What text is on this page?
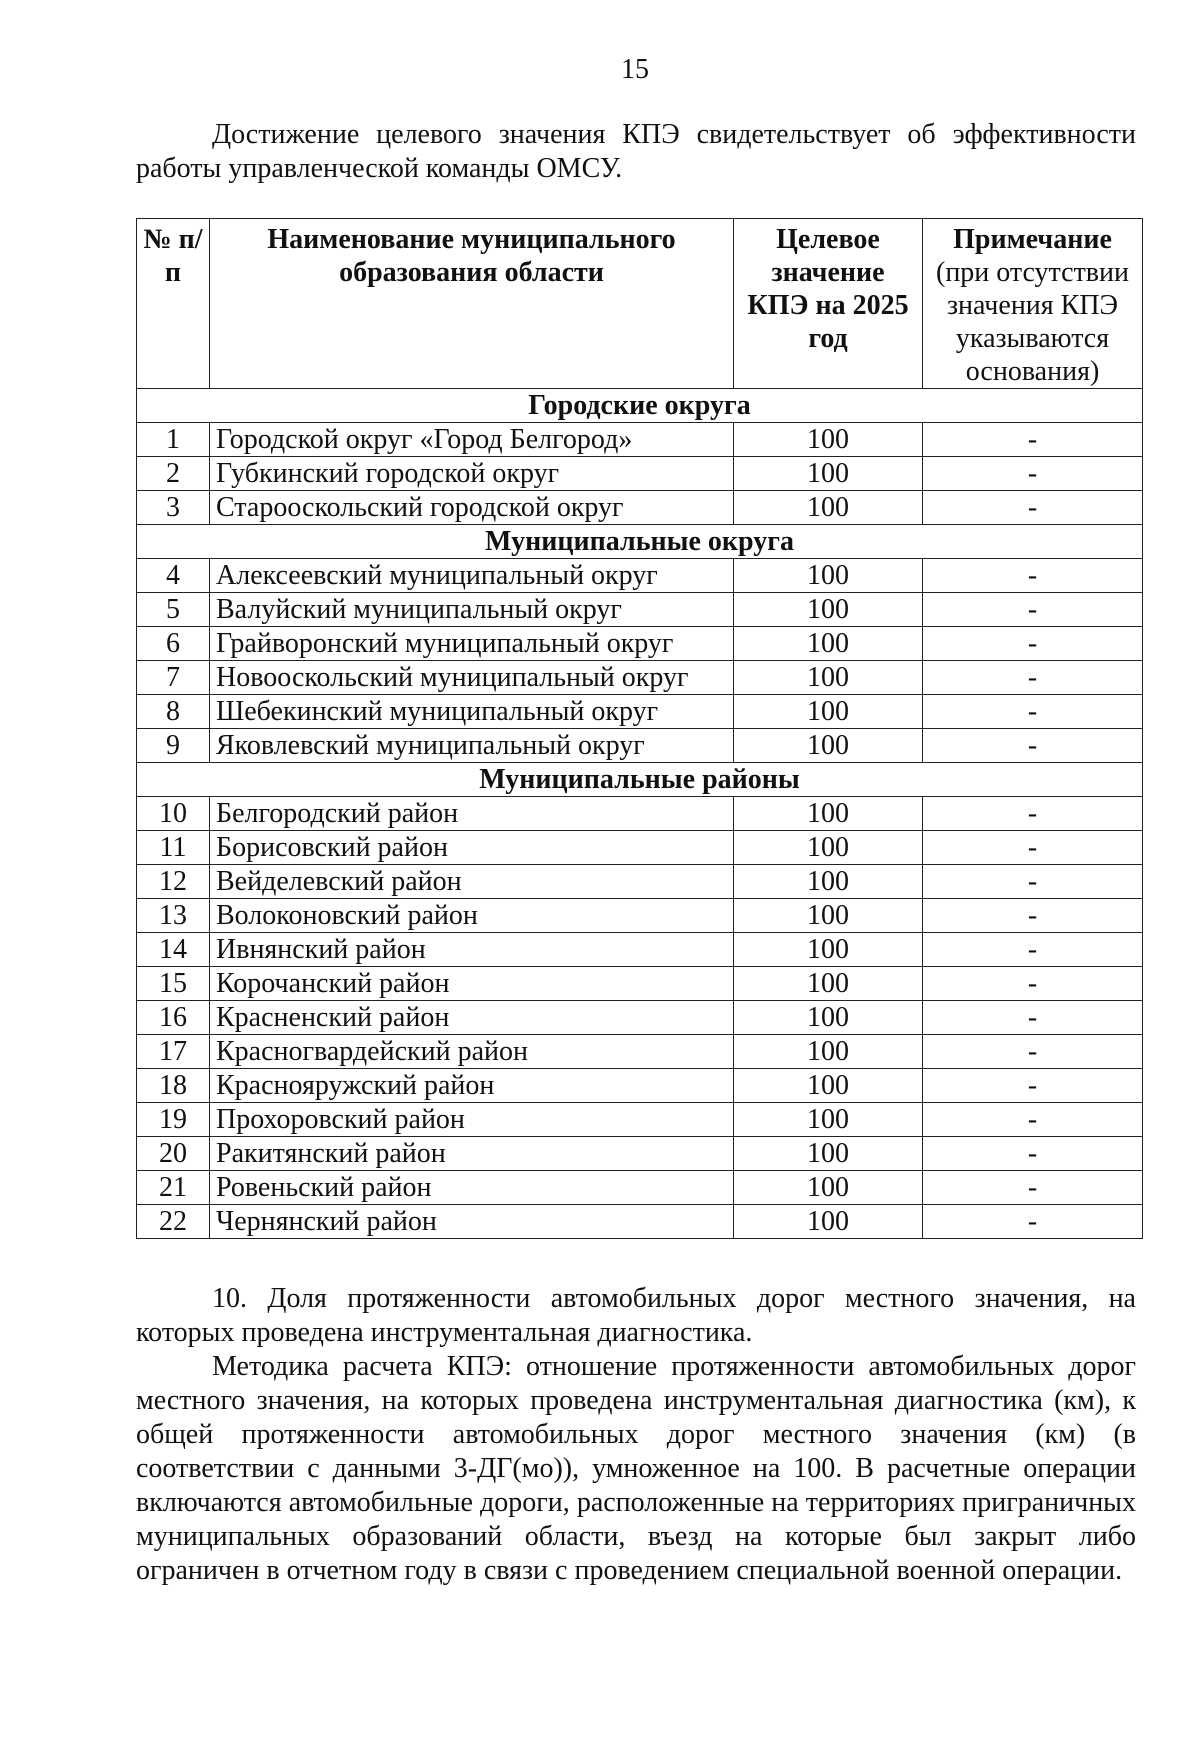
15
Достижение целевого значения КПЭ свидетельствует об эффективности работы управленческой команды ОМСУ.
№ п/п	Наименование муниципального образования области	Целевое значение КПЭ на 2025 год	Примечание
(при отсутствии значения КПЭ указываются основания)
Городские округа			
1	Городской округ «Город Белгород»	100	-
2	Губкинский городской округ	100	-
3	Старооскольский городской округ	100	-
Муниципальные округа			
4	Алексеевский муниципальный округ	100	-
5	Валуйский муниципальный округ	100	-
6	Грайворонский муниципальный округ	100	-
7	Новооскольский муниципальный округ	100	-
8	Шебекинский муниципальный округ	100	-
9	Яковлевский муниципальный округ	100	-
Муниципальные районы			
10	Белгородский район	100	-
11	Борисовский район	100	-
12	Вейделевский район	100	-
13	Волоконовский район	100	-
14	Ивнянский район	100	-
15	Корочанский район	100	-
16	Красненский район	100	-
17	Красногвардейский район	100	-
18	Краснояружский район	100	-
19	Прохоровский район	100	-
20	Ракитянский район	100	-
21	Ровеньский район	100	-
22	Чернянский район	100	-
10. Доля протяженности автомобильных дорог местного значения, на которых проведена инструментальная диагностика.
Методика расчета КПЭ: отношение протяженности автомобильных дорог местного значения, на которых проведена инструментальная диагностика (км), к общей протяженности автомобильных дорог местного значения (км) (в соответствии с данными 3-ДГ(мо)), умноженное на 100. В расчетные операции включаются автомобильные дороги, расположенные на территориях приграничных муниципальных образований области, въезд на которые был закрыт либо ограничен в отчетном году в связи с проведением специальной военной операции.
